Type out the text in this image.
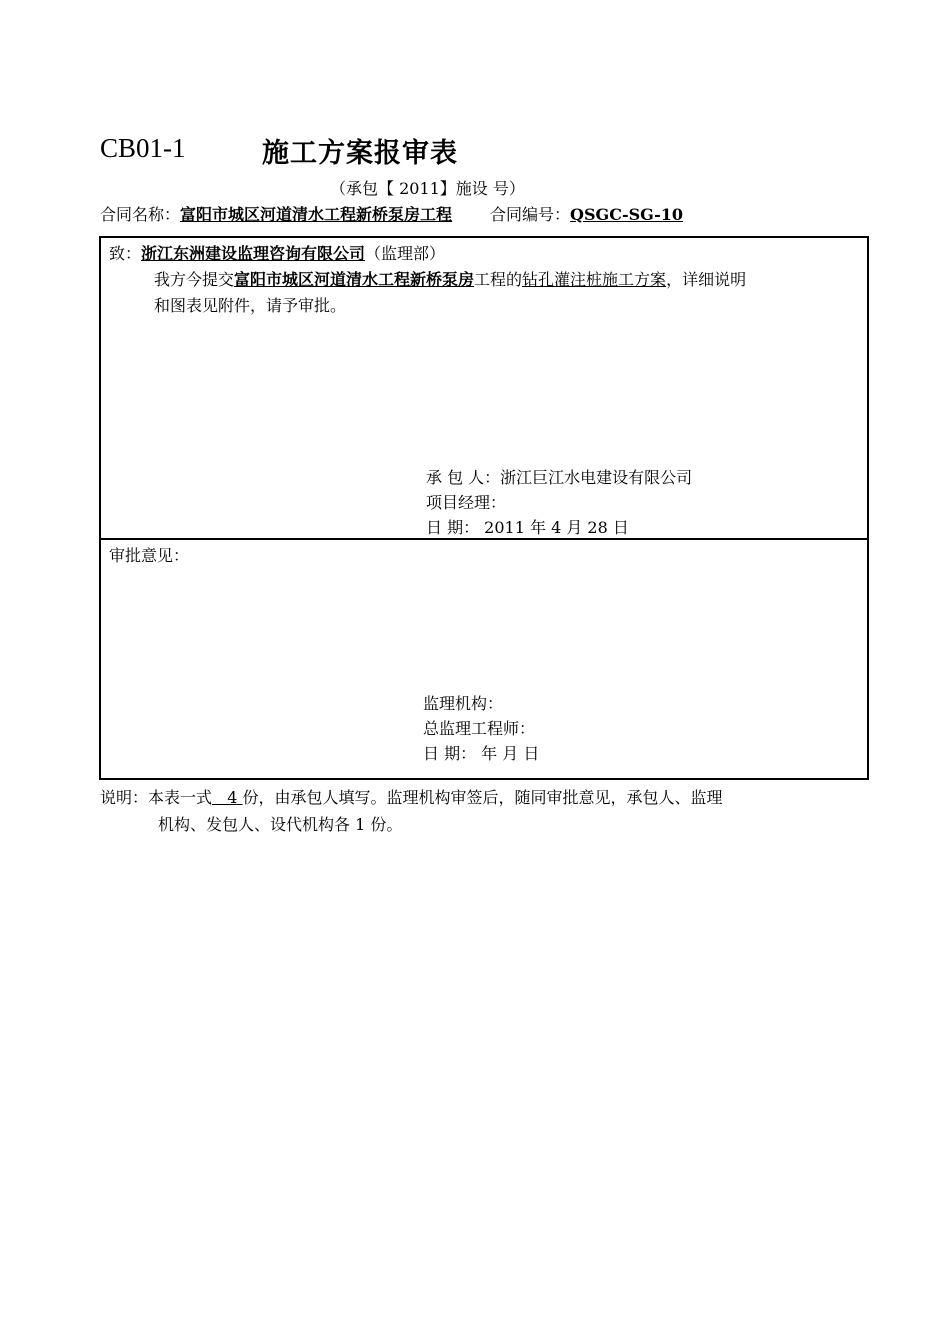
CB01-1	施工方案报审表
（承包【 2011】施设 号）
合同名称：富阳市城区河道清水工程新桥泵房工程 合同编号：QSGC-SG-10
致：浙江东洲建设监理咨询有限公司（监理部）
我方今提交富阳市城区河道清水工程新桥泵房工程的钻孔灌注桩施工方案，详细说明
和图表见附件，请予审批。
承 包 人：浙江巨江水电建设有限公司
项目经理：
日 期： 2011 年 4 月 28 日
审批意见：
监理机构：
总监理工程师：
日 期： 年 月 日
说明：本表一式   4 份，由承包人填写。监理机构审签后，随同审批意见，承包人、监理
机构、发包人、设代机构各 1 份。
